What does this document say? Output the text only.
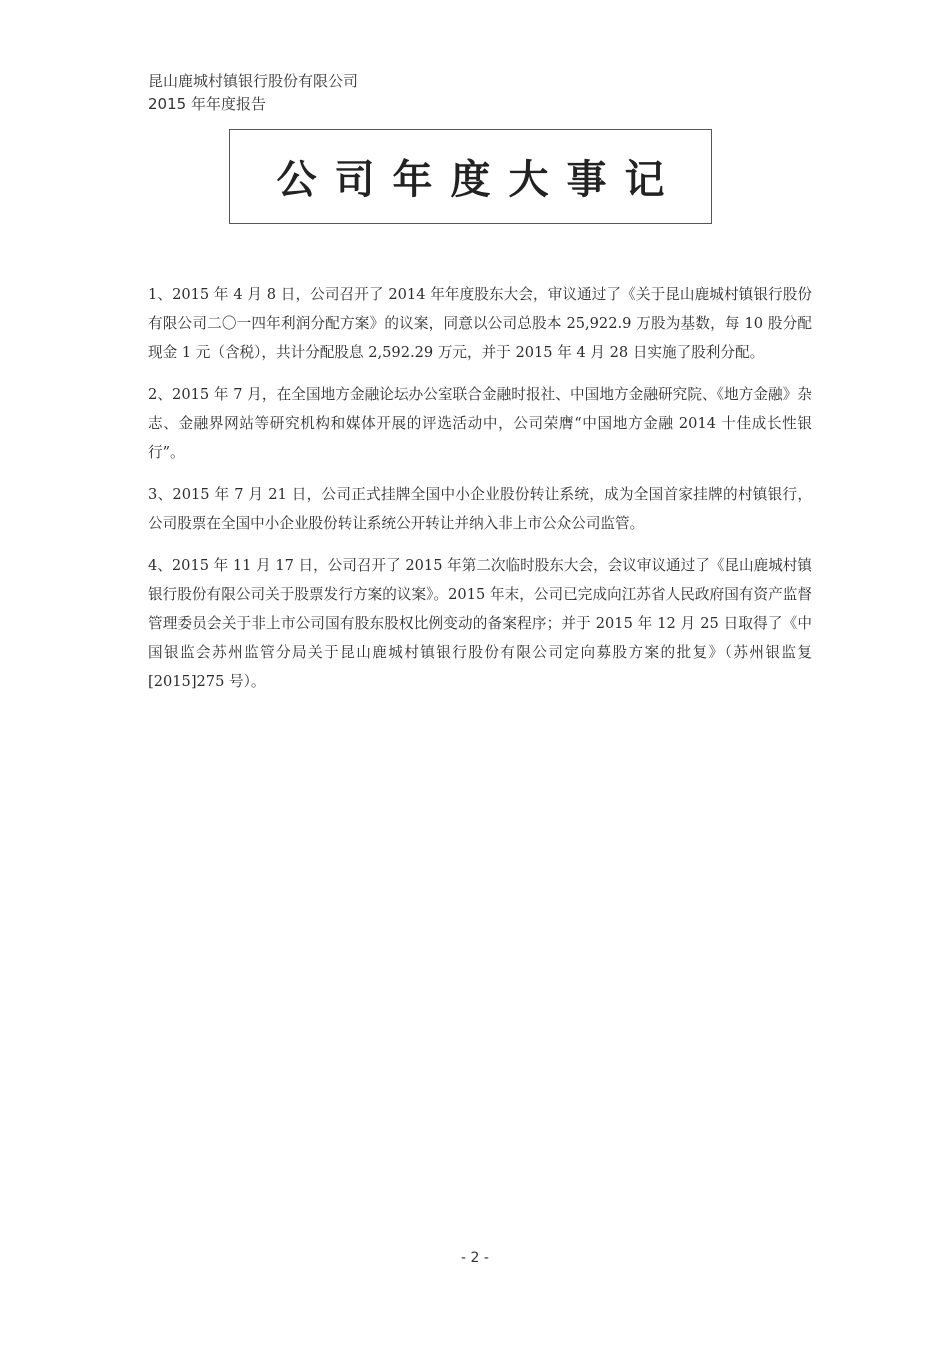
昆山鹿城村镇银行股份有限公司
2015 年年度报告
公司年度大事记

1、2015 年 4 月 8 日，公司召开了 2014 年年度股东大会，审议通过了《关于昆山鹿城村镇银行股份有限公司二〇一四年利润分配方案》的议案，同意以公司总股本 25,922.9 万股为基数，每 10 股分配现金 1 元（含税），共计分配股息 2,592.29 万元，并于 2015 年 4 月 28 日实施了股利分配。

2、2015 年 7 月，在全国地方金融论坛办公室联合金融时报社、中国地方金融研究院、《地方金融》杂志、金融界网站等研究机构和媒体开展的评选活动中，公司荣膺“中国地方金融 2014 十佳成长性银行”。

3、2015 年 7 月 21 日，公司正式挂牌全国中小企业股份转让系统，成为全国首家挂牌的村镇银行，公司股票在全国中小企业股份转让系统公开转让并纳入非上市公众公司监管。

4、2015 年 11 月 17 日，公司召开了 2015 年第二次临时股东大会，会议审议通过了《昆山鹿城村镇银行股份有限公司关于股票发行方案的议案》。2015 年末，公司已完成向江苏省人民政府国有资产监督管理委员会关于非上市公司国有股东股权比例变动的备案程序；并于 2015 年 12 月 25 日取得了《中国银监会苏州监管分局关于昆山鹿城村镇银行股份有限公司定向募股方案的批复》（苏州银监复[2015]275 号）。

- 2 -
